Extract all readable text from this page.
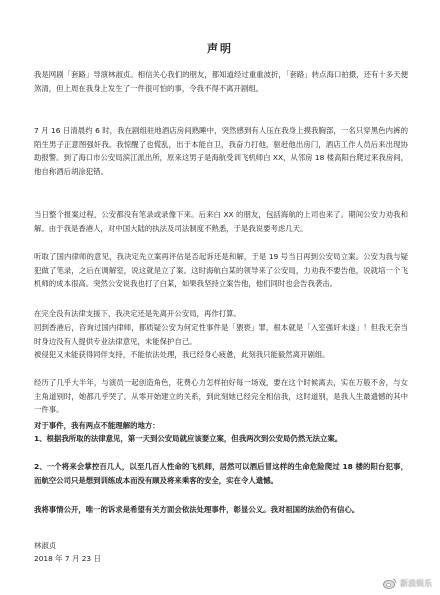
声明

我是网剧「套路」导演林淑贞。相信关心我们的朋友，都知道经过重重波折，「套路」转点海口拍摄，还有十多天便煞清，但上周在我身上发生了一件很可怕的事，令我不得不离开剧组。

7 月 16 日清晨约 6 时，我在剧组驻地酒店房间熟睡中，突然感到有人压在我身上摸我胸部，一名只穿黑色内裤的陌生男子正意图强奸我。我惊醒了也慌乱，出于本能自卫，我奋力打他，驱赶他出房门，酒店工作人员后来出现协助报警。到了海口市公安局滨江派出所，原来这男子是海航受训飞机师白 XX，从邻房 18 楼高阳台爬过来我房间，他自称酒后胡涂犯错。

当日整个报案过程，公安都没有笔录或录像下来。后来白 XX 的朋友，包括海航的上司也来了。期间公安力劝我和解。由于我是香港人，对中国大陆的执法及司法制度不熟悉，于是我说要考虑几天。

听取了国内律师的意见，我决定先立案再评估是否起诉还是和解，于是 19 号当日再到公安局立案。公安为我与疑犯做了笔录，之后在调解室，说这就是立了案。这时海航白某的领导来了公安局，力劝我不要告他，说就培一个飞机师的成本很高。突然公安说我也打了白某，如果我坚持立案告他，他们同时也会告我袭击。

在完全没有法律支援下，我决定还是先离开公安局，再作打算。

回到香港后，咨询过国内律师，都质疑公安为何定性事件是「猥亵」罪，根本就是「入室强奸未遂」！但我无奈当时身边没有人提供专业法律意见，未能保护自己。

被侵犯又未能获得同伴支持，不能依法处理，我已经身心疲惫，此刻我只能毅然离开剧组。

经历了几乎大半年，与演员一起创造角色，花费心力怎样拍好每一场戏，要在这个时候离去，实在万般不舍，与女主角道别时，她都几乎哭了。从零开始建立的关系，到此刻她已经完全相信我，这时道别，是我人生最遗憾的其中一件事。

对于事件，我有两点不能理解的地方：

1、根据我所取的法律意见，第一天到公安局就应该要立案，但我两次到公安局仍然无法立案。

2、一个将来会掌控百几人，以至几百人性命的飞机师，居然可以酒后冒这样的生命危险爬过 18 楼的阳台犯事，而航空公司只是想到训练成本而没有顾及将来乘客的安全，实在令人遗憾。

我将事情公开，唯一的诉求是希望有关方面会依法处理事件，彰显公义。我对祖国的法治仍有信心。

林淑贞
2018 年 7 月 23 日
新浪娱乐
